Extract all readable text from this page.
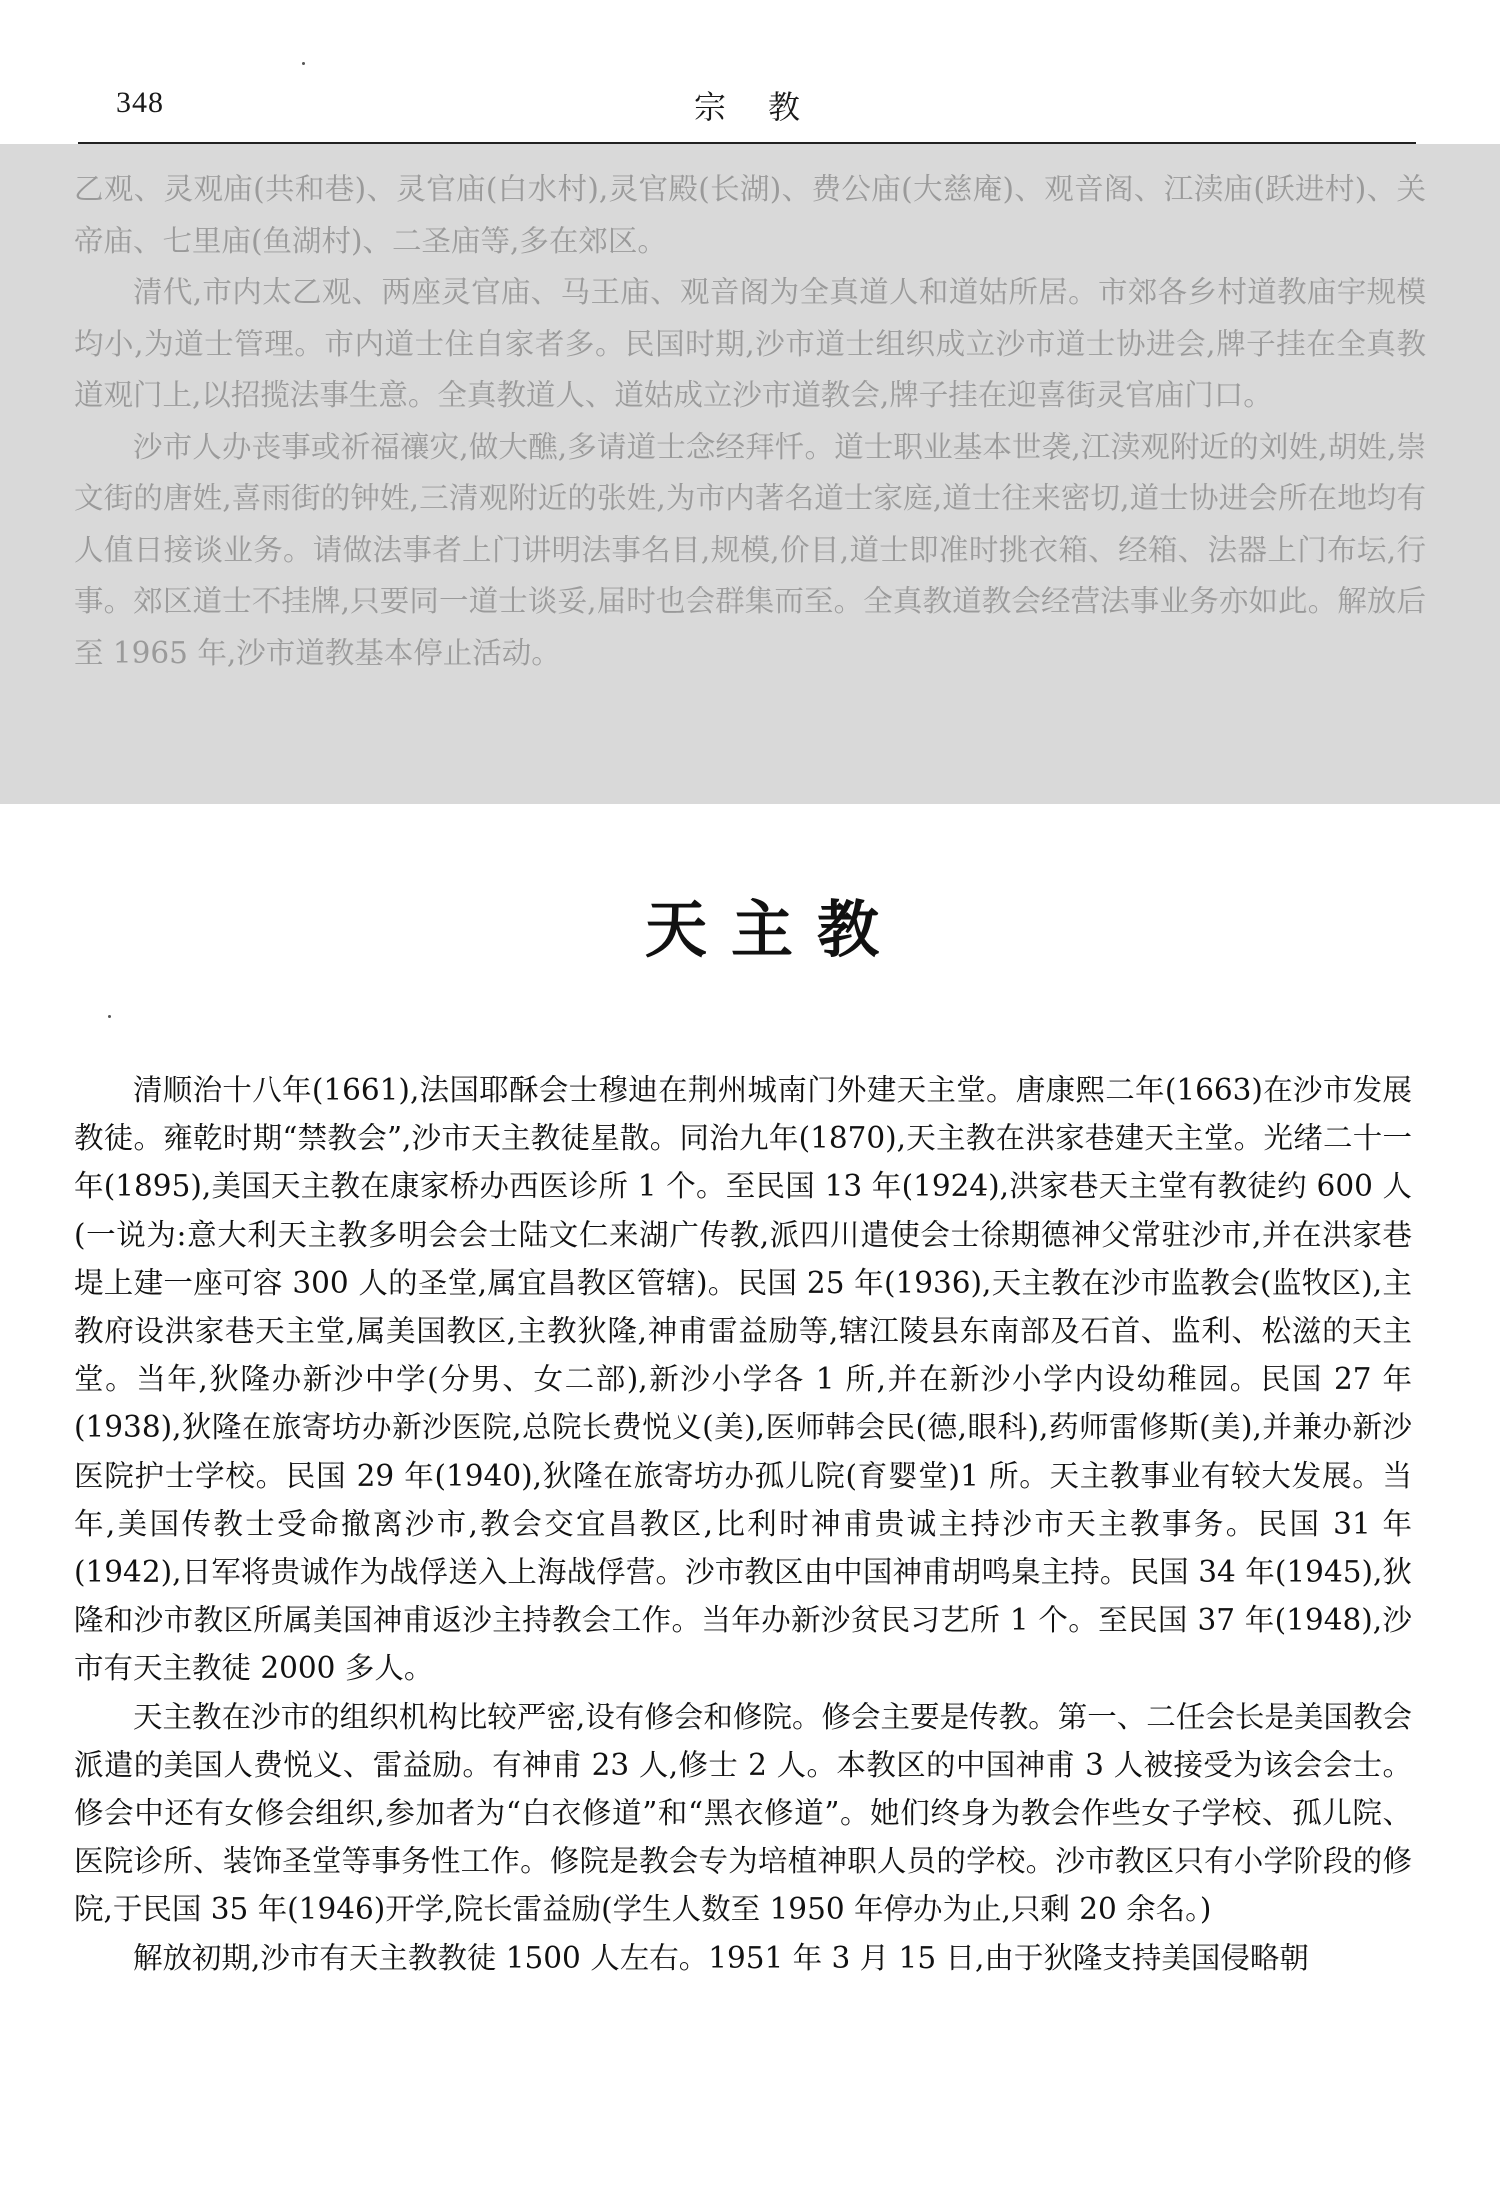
348	宗教

乙观、灵观庙(共和巷)、灵官庙(白水村),灵官殿(长湖)、费公庙(大慈庵)、观音阁、江渎庙(跃进村)、关帝庙、七里庙(鱼湖村)、二圣庙等,多在郊区。

清代,市内太乙观、两座灵官庙、马王庙、观音阁为全真道人和道姑所居。市郊各乡村道教庙宇规模均小,为道士管理。市内道士住自家者多。民国时期,沙市道士组织成立沙市道士协进会,牌子挂在全真教道观门上,以招揽法事生意。全真教道人、道姑成立沙市道教会,牌子挂在迎喜街灵官庙门口。

沙市人办丧事或祈福禳灾,做大醮,多请道士念经拜忏。道士职业基本世袭,江渎观附近的刘姓,胡姓,崇文街的唐姓,喜雨街的钟姓,三清观附近的张姓,为市内著名道士家庭,道士往来密切,道士协进会所在地均有人值日接谈业务。请做法事者上门讲明法事名目,规模,价目,道士即准时挑衣箱、经箱、法器上门布坛,行事。郊区道士不挂牌,只要同一道士谈妥,届时也会群集而至。全真教道教会经营法事业务亦如此。解放后至 1965 年,沙市道教基本停止活动。

天主教

清顺治十八年(1661),法国耶酥会士穆迪在荆州城南门外建天主堂。唐康熙二年(1663)在沙市发展教徒。雍乾时期“禁教会”,沙市天主教徒星散。同治九年(1870),天主教在洪家巷建天主堂。光绪二十一年(1895),美国天主教在康家桥办西医诊所 1 个。至民国 13 年(1924),洪家巷天主堂有教徒约 600 人(一说为:意大利天主教多明会会士陆文仁来湖广传教,派四川遣使会士徐期德神父常驻沙市,并在洪家巷堤上建一座可容 300 人的圣堂,属宜昌教区管辖)。民国 25 年(1936),天主教在沙市监教会(监牧区),主教府设洪家巷天主堂,属美国教区,主教狄隆,神甫雷益励等,辖江陵县东南部及石首、监利、松滋的天主堂。当年,狄隆办新沙中学(分男、女二部),新沙小学各 1 所,并在新沙小学内设幼稚园。民国 27 年(1938),狄隆在旅寄坊办新沙医院,总院长费悦义(美),医师韩会民(德,眼科),药师雷修斯(美),并兼办新沙医院护士学校。民国 29 年(1940),狄隆在旅寄坊办孤儿院(育婴堂)1 所。天主教事业有较大发展。当年,美国传教士受命撤离沙市,教会交宜昌教区,比利时神甫贵诚主持沙市天主教事务。民国 31 年(1942),日军将贵诚作为战俘送入上海战俘营。沙市教区由中国神甫胡鸣臬主持。民国 34 年(1945),狄隆和沙市教区所属美国神甫返沙主持教会工作。当年办新沙贫民习艺所 1 个。至民国 37 年(1948),沙市有天主教徒 2000 多人。

天主教在沙市的组织机构比较严密,设有修会和修院。修会主要是传教。第一、二任会长是美国教会派遣的美国人费悦义、雷益励。有神甫 23 人,修士 2 人。本教区的中国神甫 3 人被接受为该会会士。修会中还有女修会组织,参加者为“白衣修道”和“黑衣修道”。她们终身为教会作些女子学校、孤儿院、医院诊所、装饰圣堂等事务性工作。修院是教会专为培植神职人员的学校。沙市教区只有小学阶段的修院,于民国 35 年(1946)开学,院长雷益励(学生人数至 1950 年停办为止,只剩 20 余名。)

解放初期,沙市有天主教教徒 1500 人左右。1951 年 3 月 15 日,由于狄隆支持美国侵略朝
